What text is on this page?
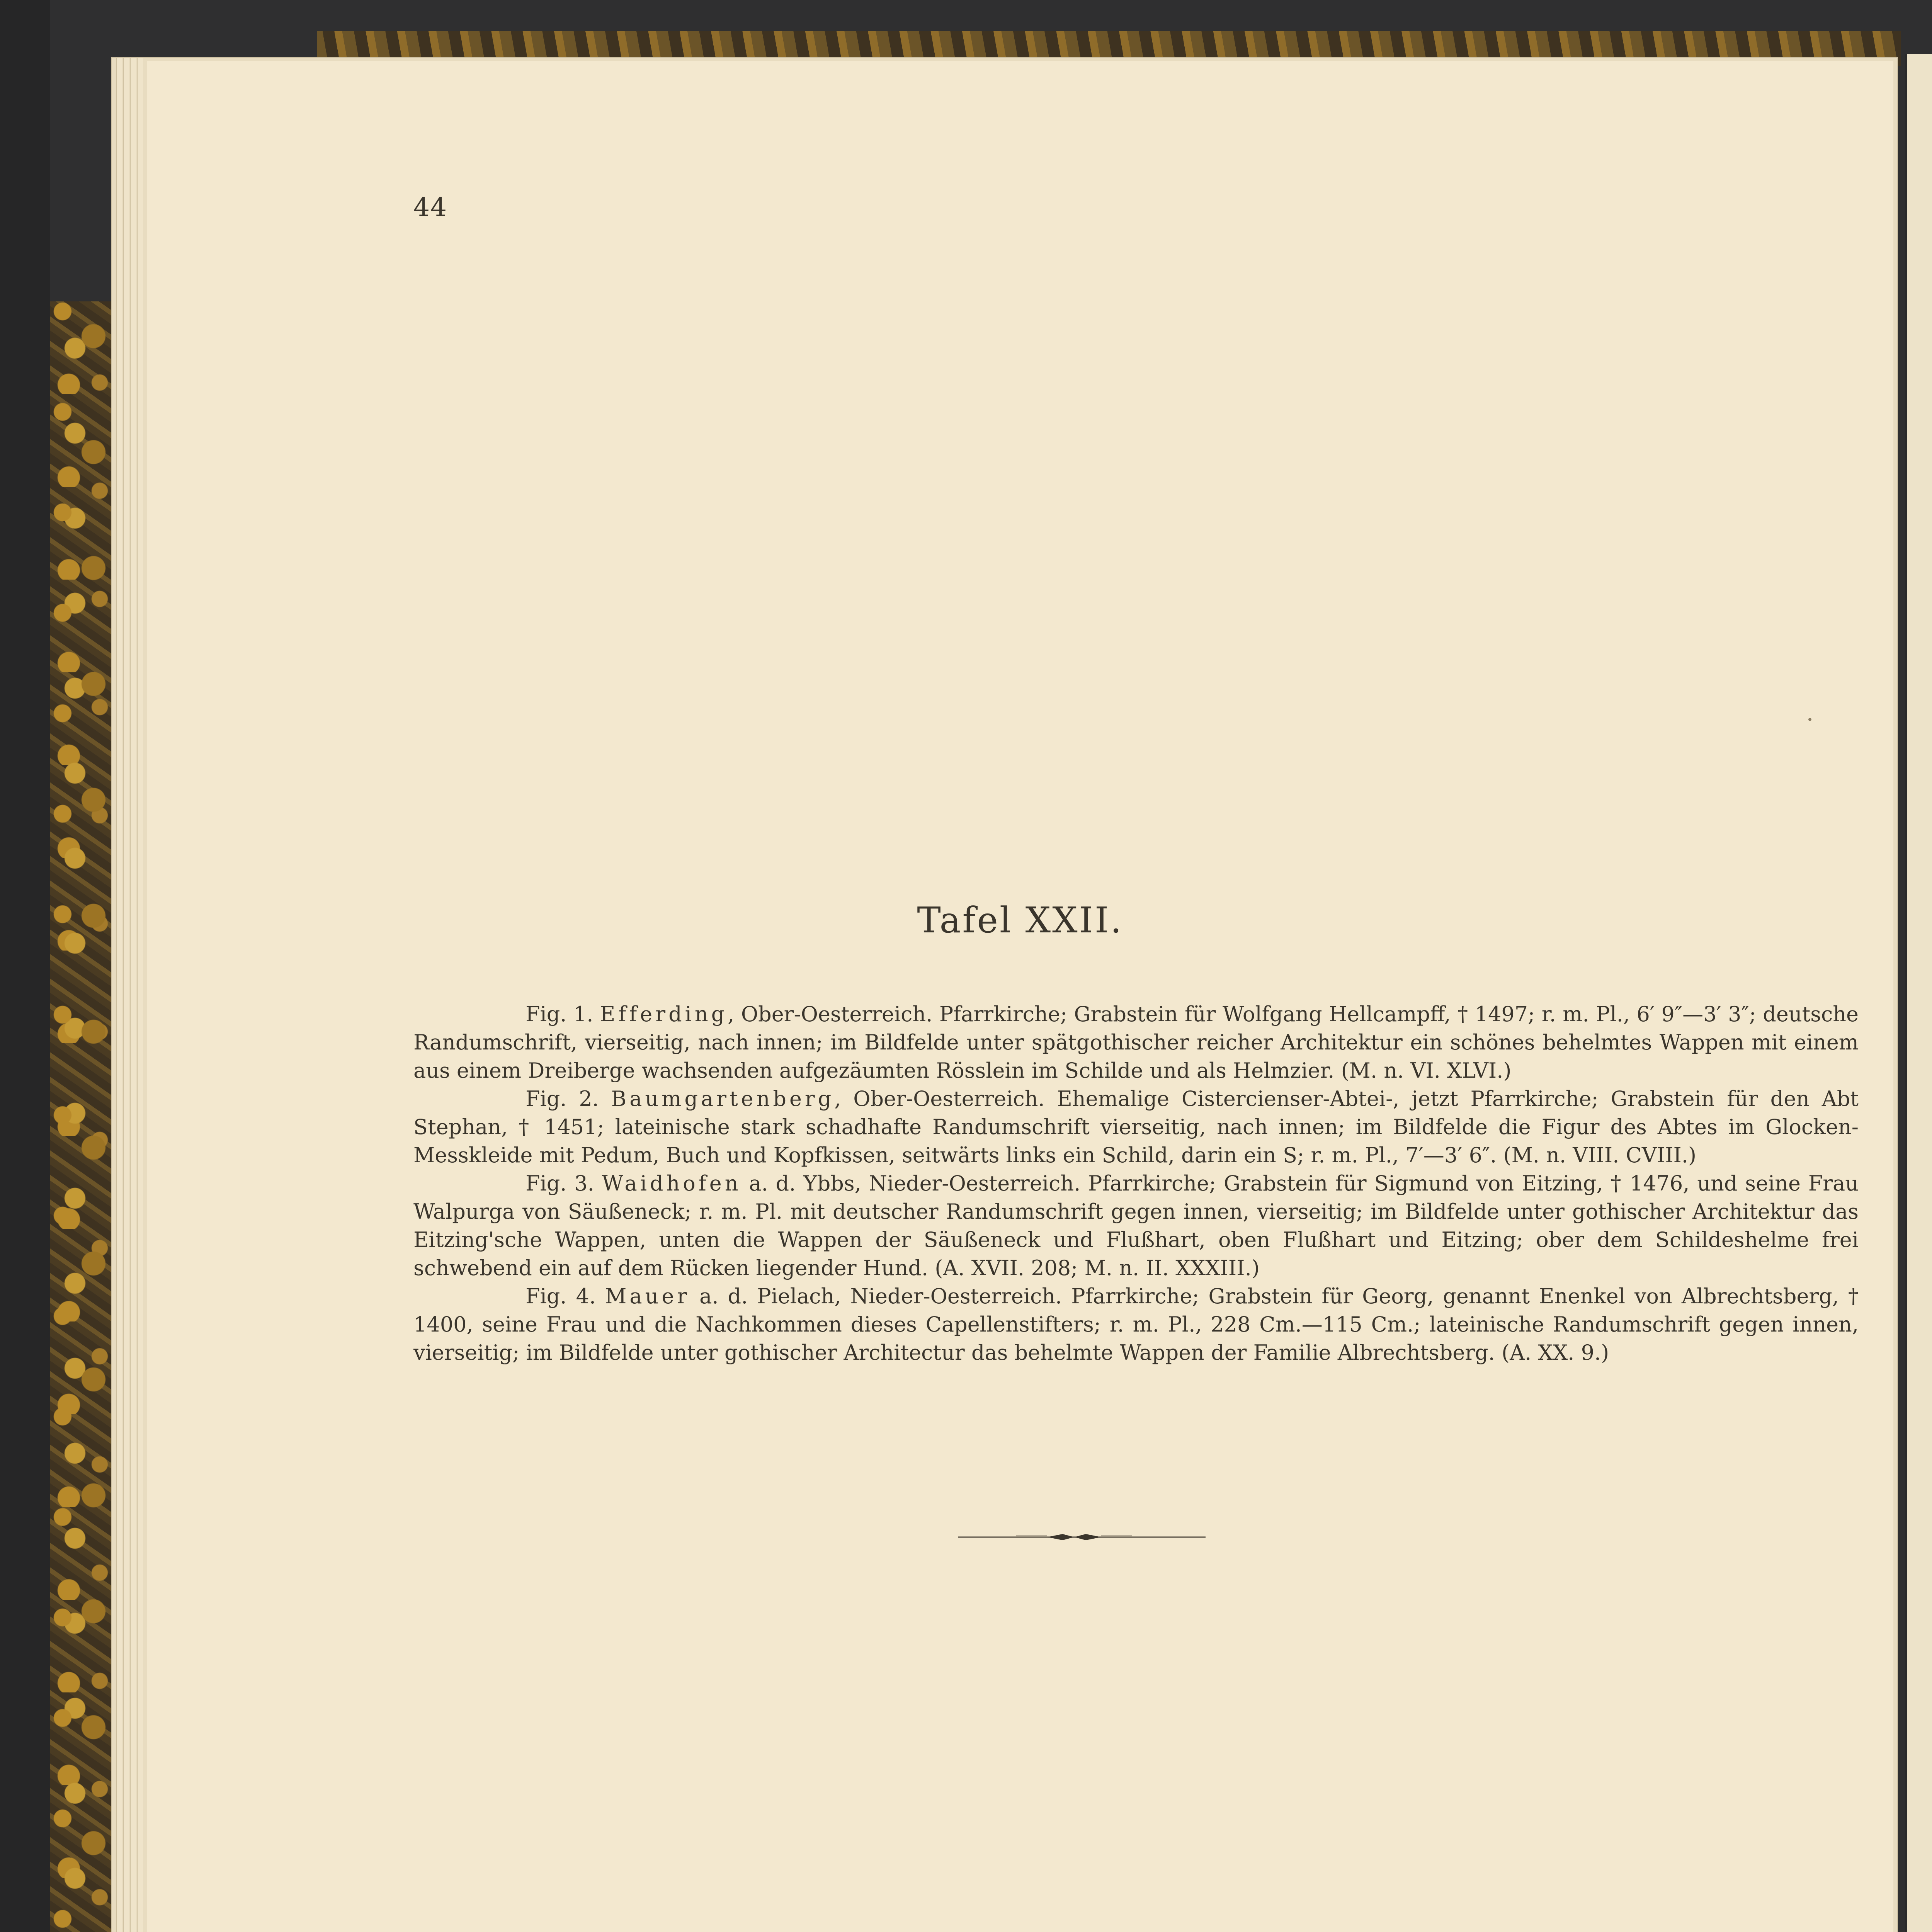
44
Tafel XXII.

Fig. 1. Efferding, Ober-Oesterreich. Pfarrkirche; Grabstein für Wolfgang Hellcampff, † 1497; r. m. Pl., 6′ 9″—3′ 3″; deutsche Randumschrift, vierseitig, nach innen; im Bildfelde unter spätgothischer reicher Architektur ein schönes behelmtes Wappen mit einem aus einem Dreiberge wachsenden aufgezäumten Rösslein im Schilde und als Helmzier. (M. n. VI. XLVI.)

Fig. 2. Baumgartenberg, Ober-Oesterreich. Ehemalige Cistercienser-Abtei-, jetzt Pfarrkirche; Grabstein für den Abt Stephan, † 1451; lateinische stark schadhafte Randumschrift vierseitig, nach innen; im Bildfelde die Figur des Abtes im Glocken-Messkleide mit Pedum, Buch und Kopfkissen, seitwärts links ein Schild, darin ein S; r. m. Pl., 7′—3′ 6″. (M. n. VIII. CVIII.)

Fig. 3. Waidhofen a. d. Ybbs, Nieder-Oesterreich. Pfarrkirche; Grabstein für Sigmund von Eitzing, † 1476, und seine Frau Walpurga von Säußeneck; r. m. Pl. mit deutscher Randumschrift gegen innen, vierseitig; im Bildfelde unter gothischer Architektur das Eitzing'sche Wappen, unten die Wappen der Säußeneck und Flußhart, oben Flußhart und Eitzing; ober dem Schildeshelme frei schwebend ein auf dem Rücken liegender Hund. (A. XVII. 208; M. n. II. XXXIII.)

Fig. 4. Mauer a. d. Pielach, Nieder-Oesterreich. Pfarrkirche; Grabstein für Georg, genannt Enenkel von Albrechtsberg, † 1400, seine Frau und die Nachkommen dieses Capellenstifters; r. m. Pl., 228 Cm.—115 Cm.; lateinische Randumschrift gegen innen, vierseitig; im Bildfelde unter gothischer Architectur das behelmte Wappen der Familie Albrechtsberg. (A. XX. 9.)
